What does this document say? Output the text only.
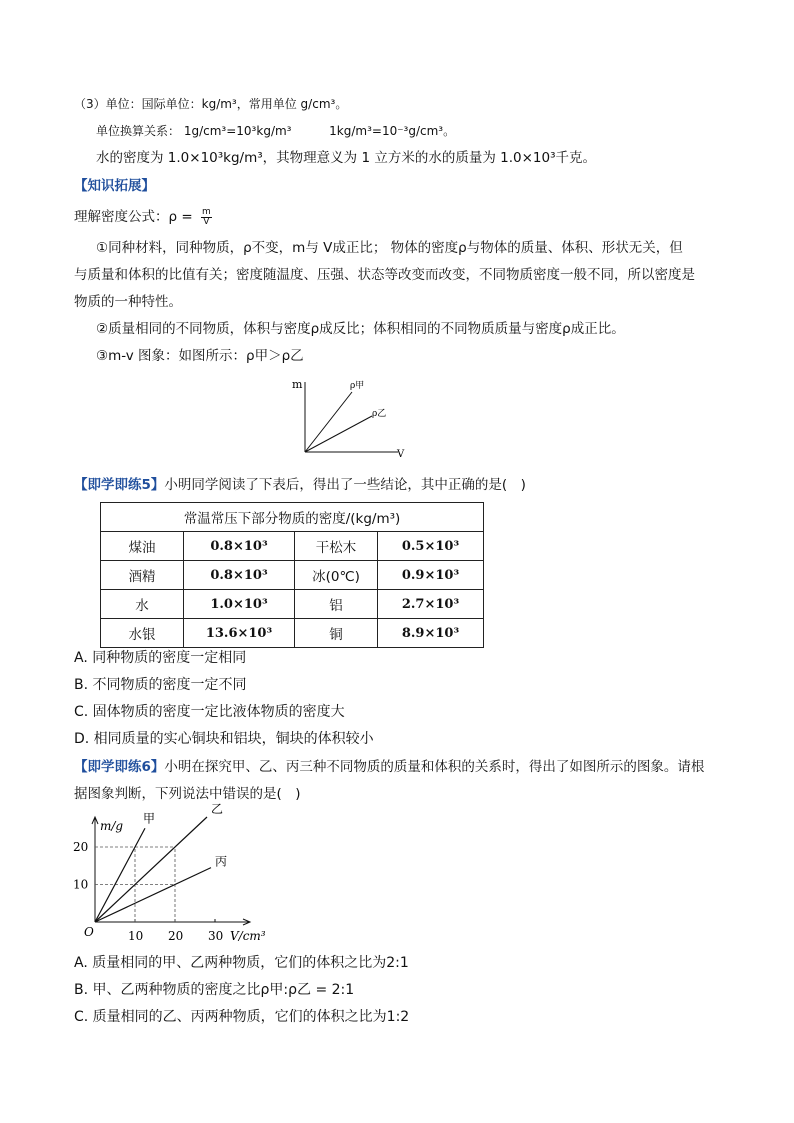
（3）单位：国际单位：kg/m³，常用单位 g/cm³。
单位换算关系： 1g/cm³=10³kg/m³	1kg/m³=10⁻³g/cm³。
水的密度为 1.0×10³kg/m³，其物理意义为 1 立方米的水的质量为 1.0×10³千克。
【知识拓展】
理解密度公式：$\rho = \frac{m}{V}$
①同种材料，同种物质，ρ不变，m与 V成正比； 物体的密度ρ与物体的质量、体积、形状无关，但
与质量和体积的比值有关；密度随温度、压强、状态等改变而改变，不同物质密度一般不同，所以密度是
物质的一种特性。
②质量相同的不同物质，体积与密度ρ成反比；体积相同的不同物质质量与密度ρ成正比。
③m-v 图象：如图所示：ρ甲＞ρ乙
m
V
ρ甲
ρ乙
【即学即练5】小明同学阅读了下表后，得出了一些结论，其中正确的是(　)
常温常压下部分物质的密度/(kg/m³)			
煤油	0.8×10³	干松木	0.5×10³
酒精	0.8×10³	冰(0℃)	0.9×10³
水	1.0×10³	铝	2.7×10³
水银	13.6×10³	铜	8.9×10³
A. 同种物质的密度一定相同
B. 不同物质的密度一定不同
C. 固体物质的密度一定比液体物质的密度大
D. 相同质量的实心铜块和铝块，铜块的体积较小
【即学即练6】小明在探究甲、乙、丙三种不同物质的质量和体积的关系时，得出了如图所示的图象。请根
据图象判断，下列说法中错误的是(　)
m/g
V/cm³
O	10 20 30
10
20
甲
乙
丙
A. 质量相同的甲、乙两种物质，它们的体积之比为2:1
B. 甲、乙两种物质的密度之比ρ甲:ρ乙 = 2:1
C. 质量相同的乙、丙两种物质，它们的体积之比为1:2
